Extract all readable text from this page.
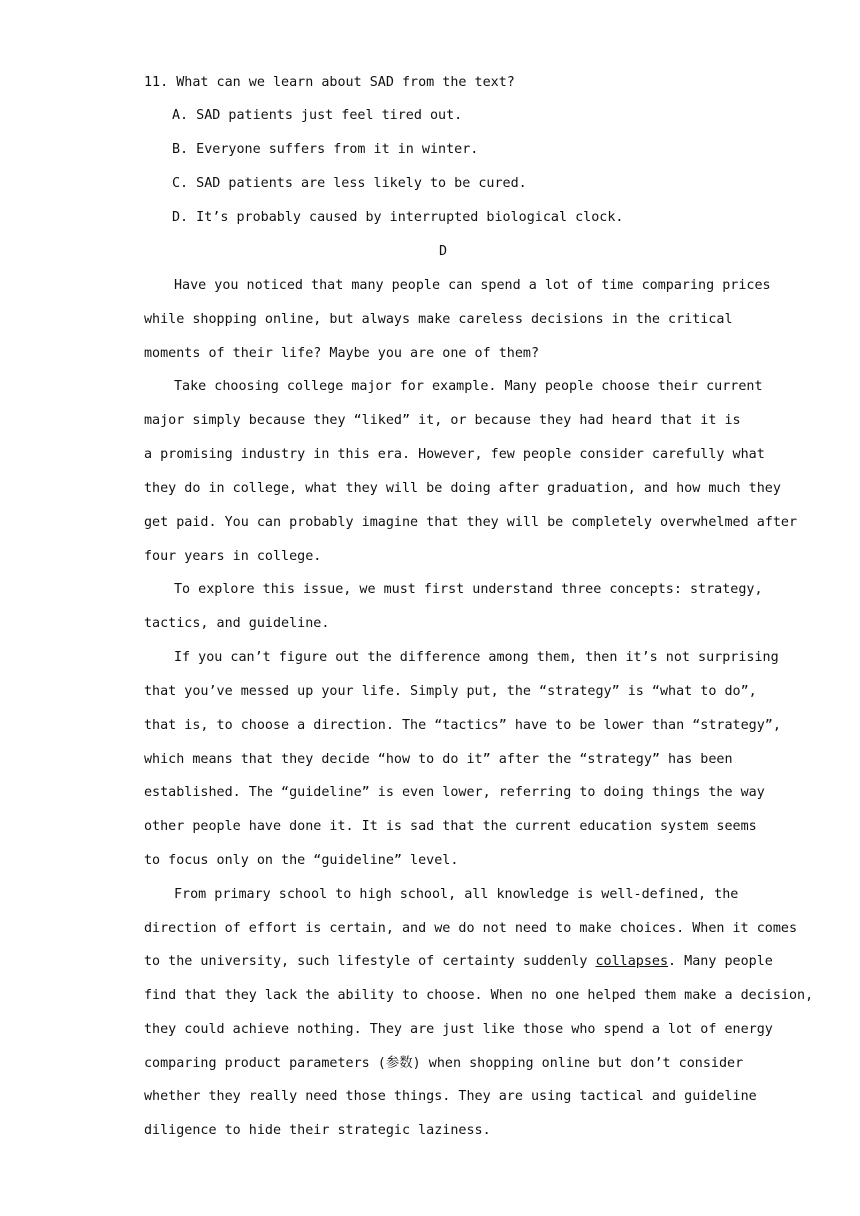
11. What can we learn about SAD from the text?
A. SAD patients just feel tired out.
B. Everyone suffers from it in winter.
C. SAD patients are less likely to be cured.
D. It’s probably caused by interrupted biological clock.
D
Have you noticed that many people can spend a lot of time comparing prices
while shopping online, but always make careless decisions in the critical
moments of their life? Maybe you are one of them?
Take choosing college major for example. Many people choose their current
major simply because they “liked” it, or because they had heard that it is
a promising industry in this era. However, few people consider carefully what
they do in college, what they will be doing after graduation, and how much they
get paid. You can probably imagine that they will be completely overwhelmed after
four years in college.
To explore this issue, we must first understand three concepts: strategy,
tactics, and guideline.
If you can’t figure out the difference among them, then it’s not surprising
that you’ve messed up your life. Simply put, the “strategy” is “what to do”,
that is, to choose a direction. The “tactics” have to be lower than “strategy”,
which means that they decide “how to do it” after the “strategy” has been
established. The “guideline” is even lower, referring to doing things the way
other people have done it. It is sad that the current education system seems
to focus only on the “guideline” level.
From primary school to high school, all knowledge is well-defined, the
direction of effort is certain, and we do not need to make choices. When it comes
to the university, such lifestyle of certainty suddenly collapses. Many people
find that they lack the ability to choose. When no one helped them make a decision,
they could achieve nothing. They are just like those who spend a lot of energy
comparing product parameters (参数) when shopping online but don’t consider
whether they really need those things. They are using tactical and guideline
diligence to hide their strategic laziness.
